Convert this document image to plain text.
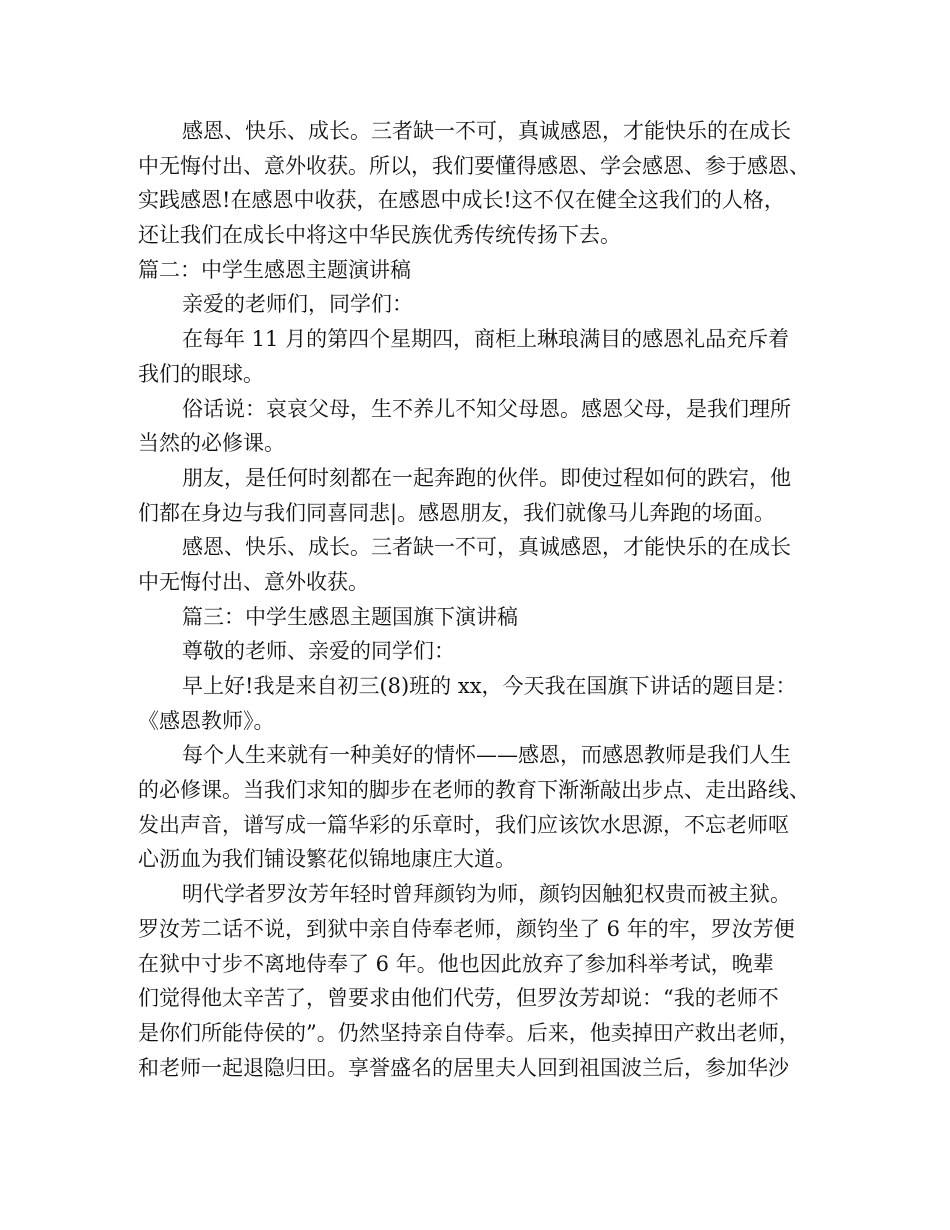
感恩、快乐、成长。三者缺一不可，真诚感恩，才能快乐的在成长
中无悔付出、意外收获。所以，我们要懂得感恩、学会感恩、参于感恩、
实践感恩!在感恩中收获，在感恩中成长!这不仅在健全这我们的人格，
还让我们在成长中将这中华民族优秀传统传扬下去。
篇二：中学生感恩主题演讲稿
亲爱的老师们，同学们：
在每年 11 月的第四个星期四，商柜上琳琅满目的感恩礼品充斥着
我们的眼球。
俗话说：哀哀父母，生不养儿不知父母恩。感恩父母，是我们理所
当然的必修课。
朋友，是任何时刻都在一起奔跑的伙伴。即使过程如何的跌宕，他
们都在身边与我们同喜同悲|。感恩朋友，我们就像马儿奔跑的场面。
感恩、快乐、成长。三者缺一不可，真诚感恩，才能快乐的在成长
中无悔付出、意外收获。
篇三：中学生感恩主题国旗下演讲稿
尊敬的老师、亲爱的同学们：
早上好!我是来自初三(8)班的 xx，今天我在国旗下讲话的题目是：
《感恩教师》。
每个人生来就有一种美好的情怀——感恩，而感恩教师是我们人生
的必修课。当我们求知的脚步在老师的教育下渐渐敲出步点、走出路线、
发出声音，谱写成一篇华彩的乐章时，我们应该饮水思源，不忘老师呕
心沥血为我们铺设繁花似锦地康庄大道。
明代学者罗汝芳年轻时曾拜颜钧为师，颜钧因触犯权贵而被主狱。
罗汝芳二话不说，到狱中亲自侍奉老师，颜钧坐了 6 年的牢，罗汝芳便
在狱中寸步不离地侍奉了 6 年。他也因此放弃了参加科举考试，晚辈
们觉得他太辛苦了，曾要求由他们代劳，但罗汝芳却说：“我的老师不
是你们所能侍侯的”。仍然坚持亲自侍奉。后来，他卖掉田产救出老师，
和老师一起退隐归田。享誉盛名的居里夫人回到祖国波兰后，参加华沙
